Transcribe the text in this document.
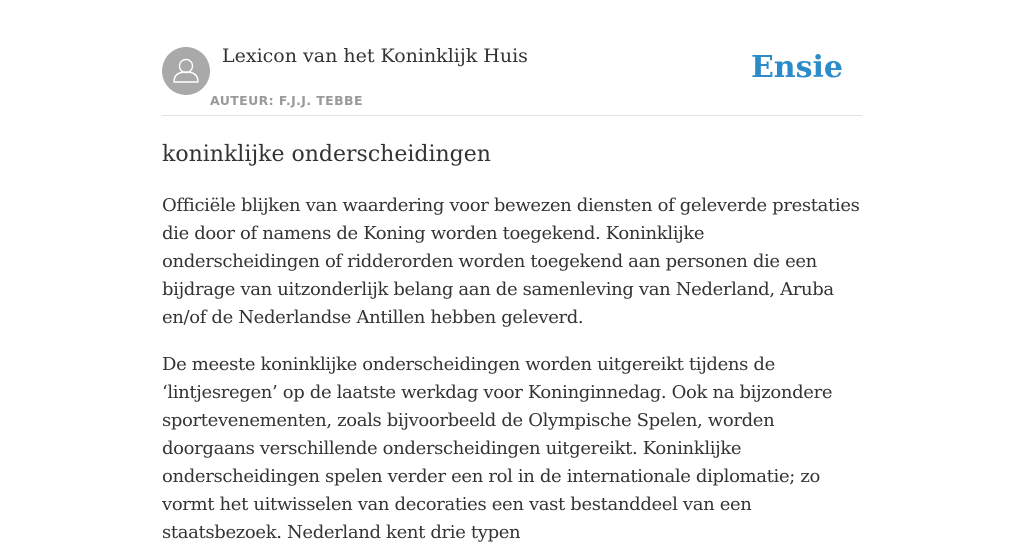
Lexicon van het Koninklijk Huis
AUTEUR: F.J.J. TEBBE
Ensie
koninklijke onderscheidingen

Officiële blijken van waardering voor bewezen diensten of geleverde prestaties die door of namens de Koning worden toegekend. Koninklijke onderscheidingen of ridderorden worden toegekend aan personen die een bijdrage van uitzonderlijk belang aan de samenleving van Nederland, Aruba en/of de Nederlandse Antillen hebben geleverd.

De meeste koninklijke onderscheidingen worden uitgereikt tijdens de ‘lintjesregen’ op de laatste werkdag voor Koninginnedag. Ook na bijzondere sportevenementen, zoals bijvoorbeeld de Olympische Spelen, worden doorgaans verschillende onderscheidingen uitgereikt. Koninklijke onderscheidingen spelen verder een rol in de internationale diplomatie; zo vormt het uitwisselen van decoraties een vast bestanddeel van een staatsbezoek. Nederland kent drie typen
